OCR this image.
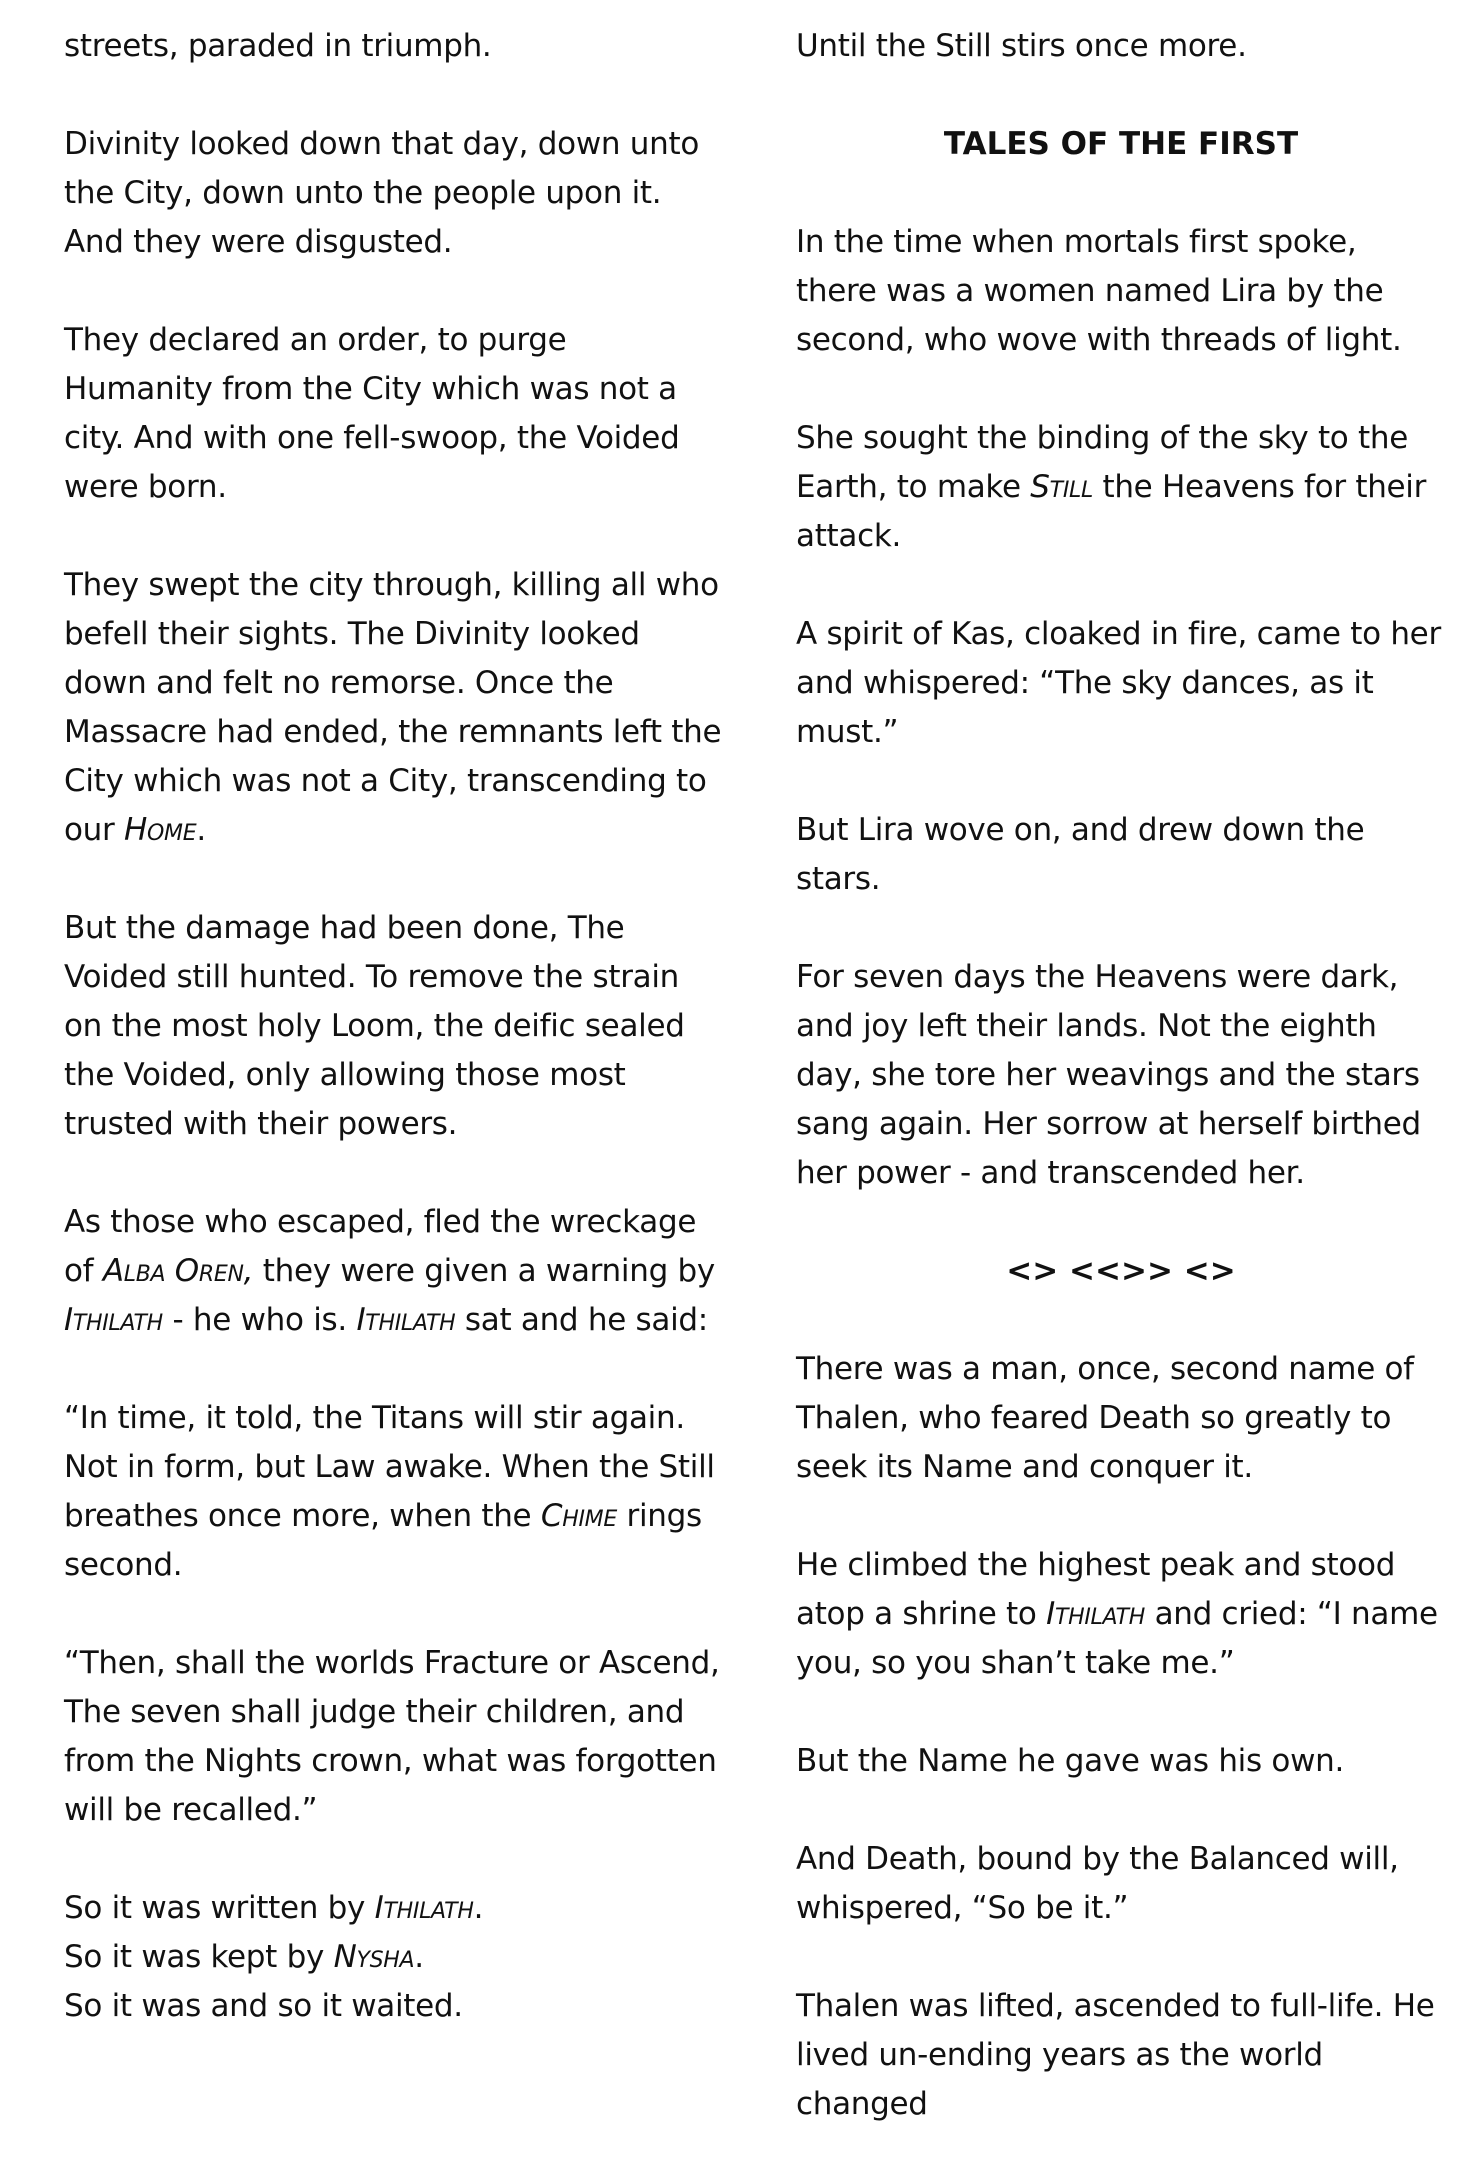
streets, paraded in triumph.

Divinity looked down that day, down unto the City, down unto the people upon it. And they were disgusted.

They declared an order, to purge Humanity from the City which was not a city. And with one fell-swoop, the Voided were born.

They swept the city through, killing all who befell their sights. The Divinity looked down and felt no remorse. Once the Massacre had ended, the remnants left the City which was not a City, transcending to our Home.

But the damage had been done, The Voided still hunted. To remove the strain on the most holy Loom, the deific sealed the Voided, only allowing those most trusted with their powers.

As those who escaped, fled the wreckage of Alba Oren, they were given a warning by Ithilath - he who is. Ithilath sat and he said:

“In time, it told, the Titans will stir again. Not in form, but Law awake. When the Still breathes once more, when the Chime rings second.

“Then, shall the worlds Fracture or Ascend, The seven shall judge their children, and from the Nights crown, what was forgotten will be recalled.”

So it was written by Ithilath.
So it was kept by Nysha.
So it was and so it waited.

Until the Still stirs once more.

TALES OF THE FIRST

In the time when mortals first spoke, there was a women named Lira by the second, who wove with threads of light.

She sought the binding of the sky to the Earth, to make Still the Heavens for their attack.

A spirit of Kas, cloaked in fire, came to her and whispered: “The sky dances, as it must.”

But Lira wove on, and drew down the stars.

For seven days the Heavens were dark, and joy left their lands. Not the eighth day, she tore her weavings and the stars sang again. Her sorrow at herself birthed her power - and transcended her.

<> <<>> <>

There was a man, once, second name of Thalen, who feared Death so greatly to seek its Name and conquer it.

He climbed the highest peak and stood atop a shrine to Ithilath and cried: “I name you, so you shan’t take me.”

But the Name he gave was his own.

And Death, bound by the Balanced will, whispered, “So be it.”

Thalen was lifted, ascended to full-life. He lived un-ending years as the world changed
